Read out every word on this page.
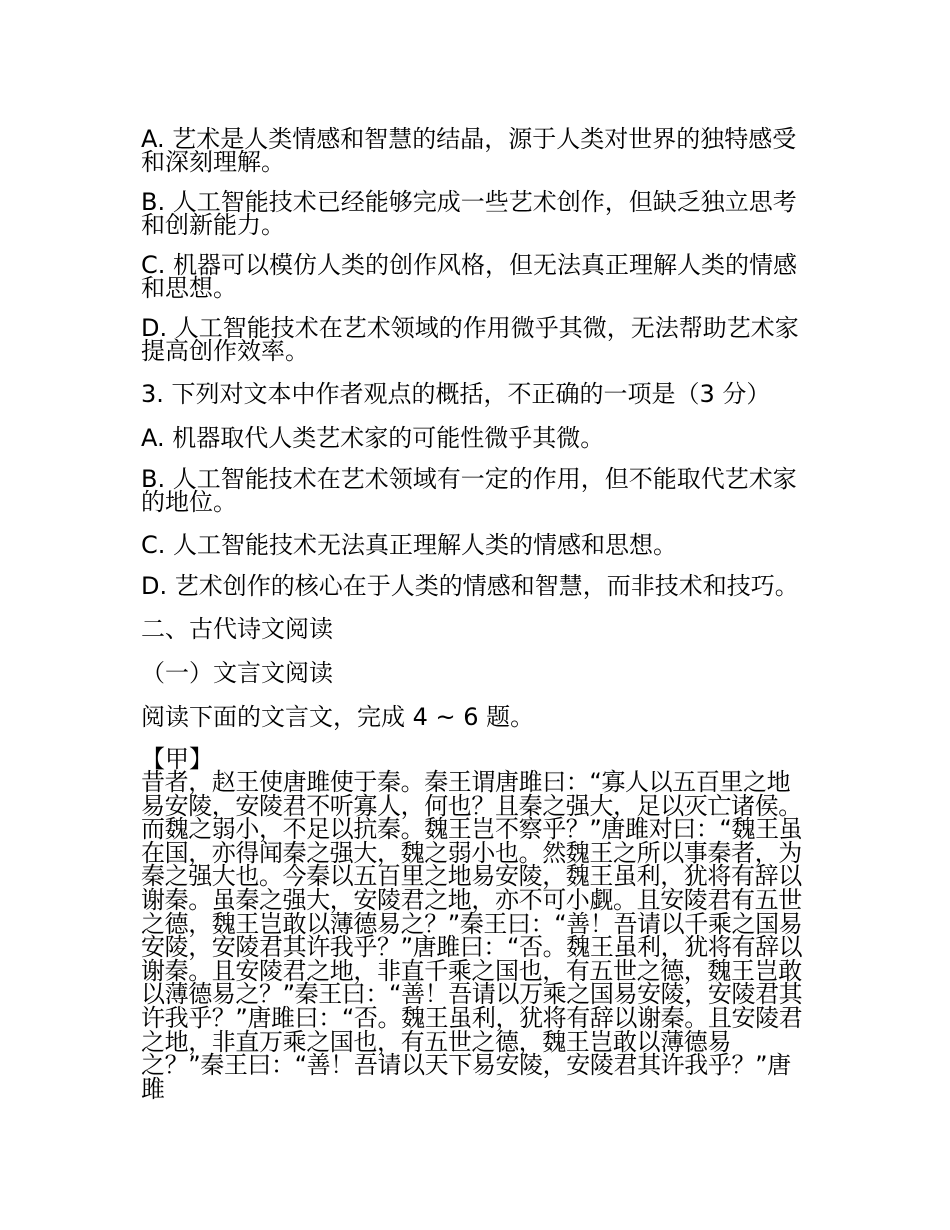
A. 艺术是人类情感和智慧的结晶，源于人类对世界的独特感受和深刻理解。

B. 人工智能技术已经能够完成一些艺术创作，但缺乏独立思考和创新能力。

C. 机器可以模仿人类的创作风格，但无法真正理解人类的情感和思想。

D. 人工智能技术在艺术领域的作用微乎其微，无法帮助艺术家提高创作效率。

3. 下列对文本中作者观点的概括，不正确的一项是（3 分）

A. 机器取代人类艺术家的可能性微乎其微。

B. 人工智能技术在艺术领域有一定的作用，但不能取代艺术家的地位。

C. 人工智能技术无法真正理解人类的情感和思想。

D. 艺术创作的核心在于人类的情感和智慧，而非技术和技巧。

二、古代诗文阅读

（一）文言文阅读

阅读下面的文言文，完成 4 ~ 6 题。

【甲】

昔者，赵王使唐雎使于秦。秦王谓唐雎曰：“寡人以五百里之地易安陵，安陵君不听寡人，何也？且秦之强大，足以灭亡诸侯。而魏之弱小，不足以抗秦。魏王岂不察乎？”唐雎对曰：“魏王虽在国，亦得闻秦之强大，魏之弱小也。然魏王之所以事秦者，为秦之强大也。今秦以五百里之地易安陵，魏王虽利，犹将有辞以谢秦。虽秦之强大，安陵君之地，亦不可小觑。且安陵君有五世之德，魏王岂敢以薄德易之？”秦王曰：“善！吾请以千乘之国易安陵，安陵君其许我乎？”唐雎曰：“否。魏王虽利，犹将有辞以谢秦。且安陵君之地，非直千乘之国也，有五世之德，魏王岂敢以薄德易之？”秦王曰：“善！吾请以万乘之国易安陵，安陵君其许我乎？”唐雎曰：“否。魏王虽利，犹将有辞以谢秦。且安陵君之地，非直万乘之国也，有五世之德，魏王岂敢以薄德易之？”秦王曰：“善！吾请以天下易安陵，安陵君其许我乎？”唐雎
